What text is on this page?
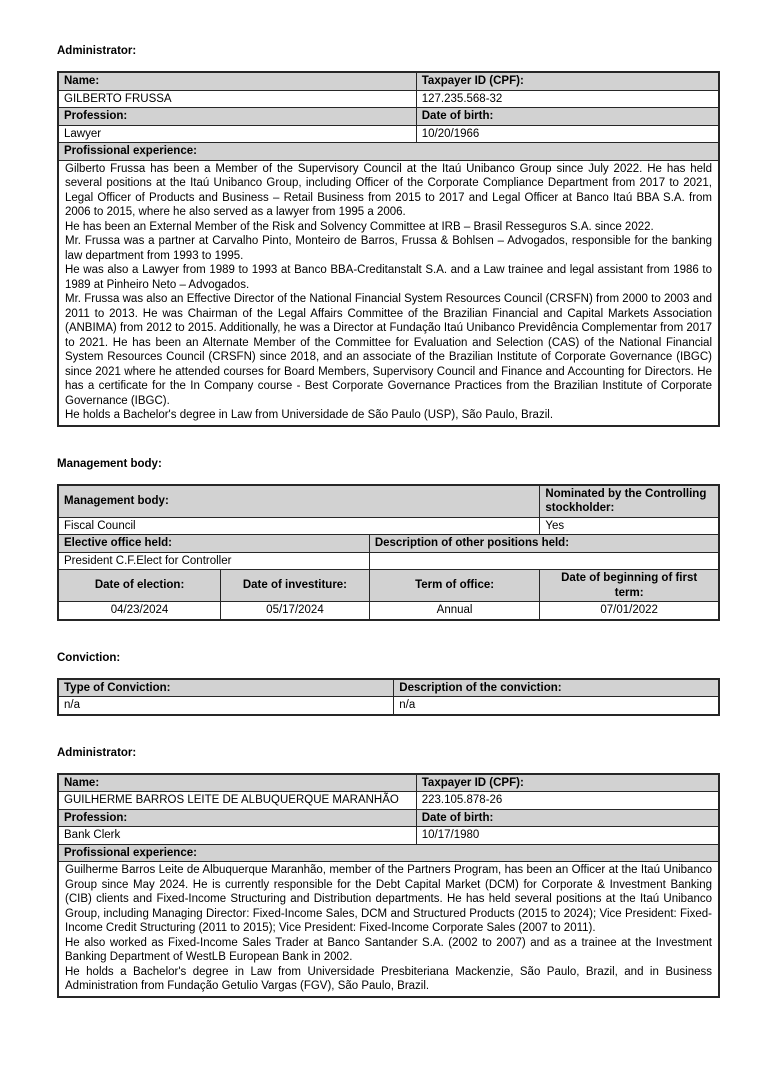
Administrator:
Name:	Taxpayer ID (CPF):
GILBERTO FRUSSA	127.235.568-32
Profession:	Date of birth:
Lawyer	10/20/1966
Profissional experience:	

Gilberto Frussa has been a Member of the Supervisory Council at the Itaú Unibanco Group since July 2022. He has held several positions at the Itaú Unibanco Group, including Officer of the Corporate Compliance Department from 2017 to 2021, Legal Officer of Products and Business – Retail Business from 2015 to 2017 and Legal Officer at Banco Itaú BBA S.A. from 2006 to 2015, where he also served as a lawyer from 1995 a 2006.
He has been an External Member of the Risk and Solvency Committee at IRB – Brasil Resseguros S.A. since 2022.
Mr. Frussa was a partner at Carvalho Pinto, Monteiro de Barros, Frussa & Bohlsen – Advogados, responsible for the banking law department from 1993 to 1995.
He was also a Lawyer from 1989 to 1993 at Banco BBA-Creditanstalt S.A. and a Law trainee and legal assistant from 1986 to 1989 at Pinheiro Neto – Advogados.
Mr. Frussa was also an Effective Director of the National Financial System Resources Council (CRSFN) from 2000 to 2003 and 2011 to 2013. He was Chairman of the Legal Affairs Committee of the Brazilian Financial and Capital Markets Association (ANBIMA) from 2012 to 2015. Additionally, he was a Director at Fundação Itaú Unibanco Previdência Complementar from 2017 to 2021. He has been an Alternate Member of the Committee for Evaluation and Selection (CAS) of the National Financial System Resources Council (CRSFN) since 2018, and an associate of the Brazilian Institute of Corporate Governance (IBGC) since 2021 where he attended courses for Board Members, Supervisory Council and Finance and Accounting for Directors. He has a certificate for the In Company course - Best Corporate Governance Practices from the Brazilian Institute of Corporate Governance (IBGC).
He holds a Bachelor's degree in Law from Universidade de São Paulo (USP), São Paulo, Brazil.
Management body:
Management body:			Nominated by the Controlling stockholder:
Fiscal Council			Yes
Elective office held:		Description of other positions held:	
President C.F.Elect for Controller			
Date of election:	Date of investiture:	Term of office:	Date of beginning of first term:
04/23/2024	05/17/2024	Annual	07/01/2022
Conviction:
Type of Conviction:	Description of the conviction:
n/a	n/a
Administrator:
Name:	Taxpayer ID (CPF):
GUILHERME BARROS LEITE DE ALBUQUERQUE MARANHÃO	223.105.878-26
Profession:	Date of birth:
Bank Clerk	10/17/1980
Profissional experience:	

Guilherme Barros Leite de Albuquerque Maranhão, member of the Partners Program, has been an Officer at the Itaú Unibanco Group since May 2024. He is currently responsible for the Debt Capital Market (DCM) for Corporate & Investment Banking (CIB) clients and Fixed-Income Structuring and Distribution departments. He has held several positions at the Itaú Unibanco Group, including Managing Director: Fixed-Income Sales, DCM and Structured Products (2015 to 2024); Vice President: Fixed-Income Credit Structuring (2011 to 2015); Vice President: Fixed-Income Corporate Sales (2007 to 2011).
He also worked as Fixed-Income Sales Trader at Banco Santander S.A. (2002 to 2007) and as a trainee at the Investment Banking Department of WestLB European Bank in 2002.
He holds a Bachelor's degree in Law from Universidade Presbiteriana Mackenzie, São Paulo, Brazil, and in Business Administration from Fundação Getulio Vargas (FGV), São Paulo, Brazil.	
